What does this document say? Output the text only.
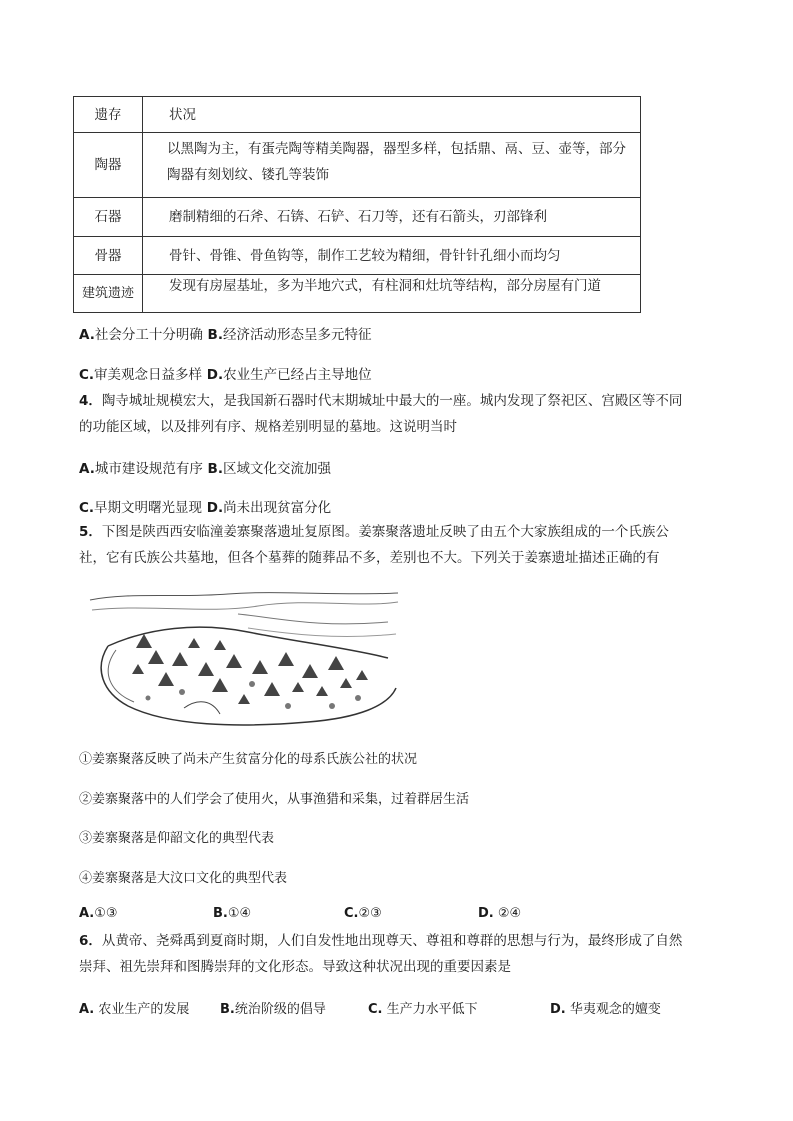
遗存	状况
陶器	以黑陶为主，有蛋壳陶等精美陶器，器型多样，包括鼎、鬲、豆、壶等，部分
陶器有刻划纹、镂孔等装饰

石器	磨制精细的石斧、石锛、石铲、石刀等，还有石箭头，刃部锋利
骨器	骨针、骨锥、骨鱼钩等，制作工艺较为精细，骨针针孔细小而均匀
建筑遗迹	发现有房屋基址，多为半地穴式，有柱洞和灶坑等结构，部分房屋有门道
A.社会分工十分明确 B.经济活动形态呈多元特征
C.审美观念日益多样 D.农业生产已经占主导地位
4．陶寺城址规模宏大，是我国新石器时代末期城址中最大的一座。城内发现了祭祀区、宫殿区等不同
的功能区域，以及排列有序、规格差别明显的墓地。这说明当时
A.城市建设规范有序 B.区域文化交流加强
C.早期文明曙光显现 D.尚未出现贫富分化
5．下图是陕西西安临潼姜寨聚落遗址复原图。姜寨聚落遗址反映了由五个大家族组成的一个氏族公
社，它有氏族公共墓地，但各个墓葬的随葬品不多，差别也不大。下列关于姜寨遗址描述正确的有
①姜寨聚落反映了尚未产生贫富分化的母系氏族公社的状况
②姜寨聚落中的人们学会了使用火，从事渔猎和采集，过着群居生活
③姜寨聚落是仰韶文化的典型代表
④姜寨聚落是大汶口文化的典型代表
A.①③	B.①④	C.②③	D. ②④
6．从黄帝、尧舜禹到夏商时期，人们自发性地出现尊天、尊祖和尊群的思想与行为，最终形成了自然
崇拜、祖先崇拜和图腾崇拜的文化形态。导致这种状况出现的重要因素是
A. 农业生产的发展 B.统治阶级的倡导	C. 生产力水平低下	D. 华夷观念的嬗变
